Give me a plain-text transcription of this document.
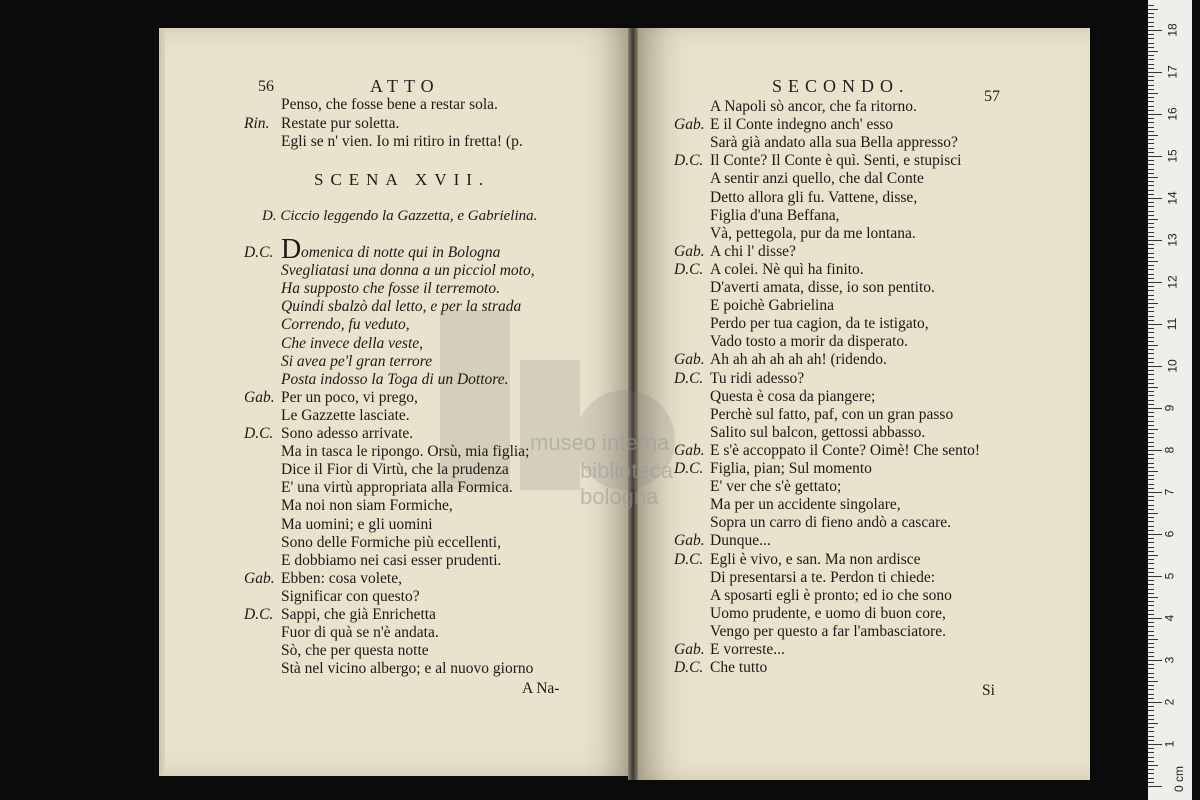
museo interna
biblioteca
bologna
56	ATTO
Penso, che fosse bene a restar sola.
Rin. Restate pur soletta.
Egli se n' vien. Io mi ritiro in fretta! (p.
SCENA XVII.
D. Ciccio leggendo la Gazzetta, e Gabrielina.
D.C. D omenica di notte qui in Bologna
Svegliatasi una donna a un picciol moto,
Ha supposto che fosse il terremoto.
Quindi sbalzò dal letto, e per la strada
Correndo, fu veduto,
Che invece della veste,
Si avea pe'l gran terrore
Posta indosso la Toga di un Dottore.
Gab. Per un poco, vi prego,
Le Gazzette lasciate.
D.C. Sono adesso arrivate.
Ma in tasca le ripongo. Orsù, mia figlia;
Dice il Fior di Virtù, che la prudenza
E' una virtù appropriata alla Formica.
Ma noi non siam Formiche,
Ma uomini; e gli uomini
Sono delle Formiche più eccellenti,
E dobbiamo nei casi esser prudenti.
Gab. Ebben: cosa volete,
Significar con questo?
D.C. Sappi, che già Enrichetta
Fuor di quà se n'è andata.
Sò, che per questa notte
Stà nel vicino albergo; e al nuovo giorno
A Na-
SECONDO.
57
A Napoli sò ancor, che fa ritorno.
Gab. E il Conte indegno anch' esso
Sarà già andato alla sua Bella appresso?
D.C. Il Conte? Il Conte è quì. Senti, e stupisci
A sentir anzi quello, che dal Conte
Detto allora gli fu. Vattene, disse,
Figlia d'una Beffana,
Và, pettegola, pur da me lontana.
Gab. A chi l' disse?
D.C. A colei. Nè quì ha finito.
D'averti amata, disse, io son pentito.
E poichè Gabrielina
Perdo per tua cagion, da te istigato,
Vado tosto a morir da disperato.
Gab. Ah ah ah ah ah ah! (ridendo.
D.C. Tu ridi adesso?
Questa è cosa da piangere;
Perchè sul fatto, paf, con un gran passo
Salito sul balcon, gettossi abbasso.
Gab. E s'è accoppato il Conte? Oimè! Che sento!
D.C. Figlia, pian; Sul momento
E' ver che s'è gettato;
Ma per un accidente singolare,
Sopra un carro di fieno andò a cascare.
Gab. Dunque...
D.C. Egli è vivo, e san. Ma non ardisce
Di presentarsi a te. Perdon ti chiede:
A sposarti egli è pronto; ed io che sono
Uomo prudente, e uomo di buon core,
Vengo per questo a far l'ambasciatore.
Gab. E vorreste...
D.C. Che tutto
Si
0 cm
1
2
3
4
5
6
7
8
9
10
11
12
13
14
15
16
17
18
